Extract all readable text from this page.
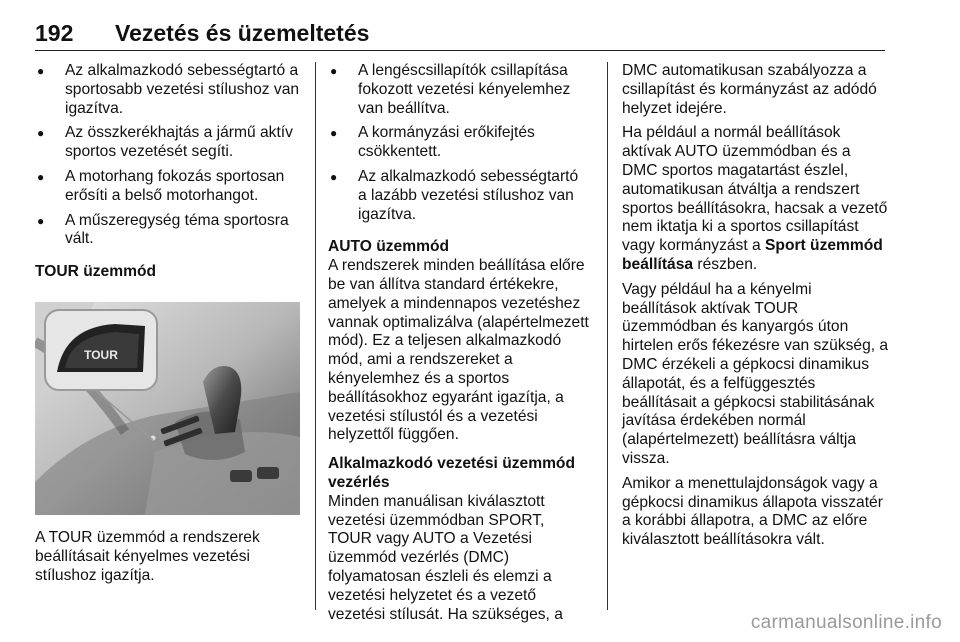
192 Vezetés és üzemeltetés
● Az alkalmazkodó sebességtartó a sportosabb vezetési stílushoz van igazítva.
● Az összkerékhajtás a jármű aktív sportos vezetését segíti.
● A motorhang fokozás sportosan erősíti a belső motorhangot.
● A műszeregység téma sportosra vált.

TOUR üzemmód

TOUR

A TOUR üzemmód a rendszerek beállításait kényelmes vezetési stílushoz igazítja.

● A lengéscsillapítók csillapítása fokozott vezetési kényelemhez van beállítva.
● A kormányzási erőkifejtés csökkentett.
● Az alkalmazkodó sebességtartó a lazább vezetési stílushoz van igazítva.

AUTO üzemmód

A rendszerek minden beállítása előre be van állítva standard értékekre, amelyek a mindennapos vezetéshez vannak optimalizálva (alapértelmezett mód). Ez a teljesen alkalmazkodó mód, ami a rendszereket a kényelemhez és a sportos beállításokhoz egyaránt igazítja, a vezetési stílustól és a vezetési helyzettől függően.

Alkalmazkodó vezetési üzemmód vezérlés

Minden manuálisan kiválasztott vezetési üzemmódban SPORT, TOUR vagy AUTO a Vezetési üzemmód vezérlés (DMC) folyamatosan észleli és elemzi a vezetési helyzetet és a vezető vezetési stílusát. Ha szükséges, a

DMC automatikusan szabályozza a csillapítást és kormányzást az adódó helyzet idejére.

Ha például a normál beállítások aktívak AUTO üzemmódban és a DMC sportos magatartást észlel, automatikusan átváltja a rendszert sportos beállításokra, hacsak a vezető nem iktatja ki a sportos csillapítást vagy kormányzást a Sport üzemmód beállítása részben.

Vagy például ha a kényelmi beállítások aktívak TOUR üzemmódban és kanyargós úton hirtelen erős fékezésre van szükség, a DMC érzékeli a gépkocsi dinamikus állapotát, és a felfüggesztés beállításait a gépkocsi stabilitásának javítása érdekében normál (alapértelmezett) beállításra váltja vissza.

Amikor a menettulajdonságok vagy a gépkocsi dinamikus állapota visszatér a korábbi állapotra, a DMC az előre kiválasztott beállításokra vált.

carmanualsonline.info
